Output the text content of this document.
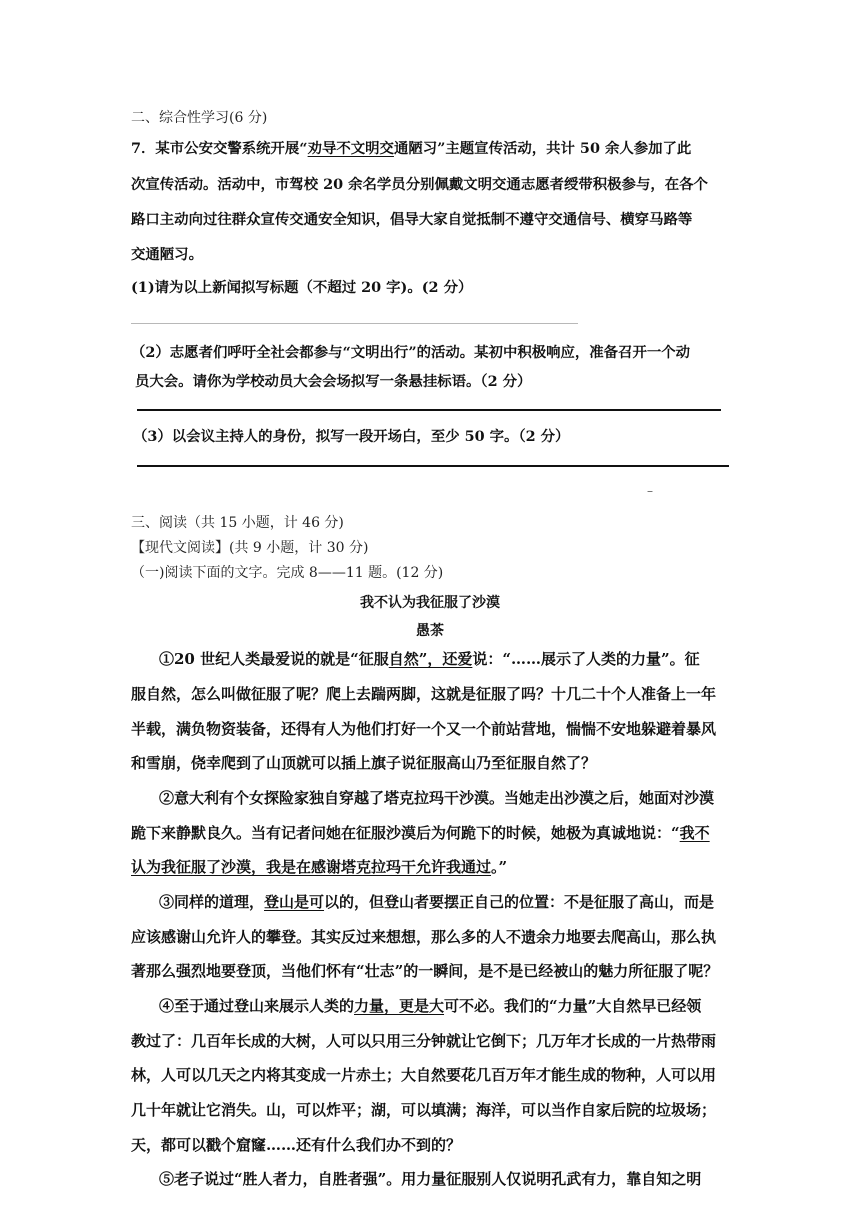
二、综合性学习(6 分)
7．某市公安交警系统开展“劝导不文明交通陋习”主题宣传活动，共计 50 余人参加了此
次宣传活动。活动中，市驾校 20 余名学员分别佩戴文明交通志愿者绶带积极参与，在各个
路口主动向过往群众宣传交通安全知识，倡导大家自觉抵制不遵守交通信号、横穿马路等
交通陋习。
(1)请为以上新闻拟写标题（不超过 20 字)。(2 分）
（2）志愿者们呼吁全社会都参与“文明出行”的活动。某初中积极响应，准备召开一个动
员大会。请你为学校动员大会会场拟写一条悬挂标语。（2 分）
（3）以会议主持人的身份，拟写一段开场白，至少 50 字。（2 分）
–
三、阅读（共 15 小题，计 46 分)
【现代文阅读】(共 9 小题，计 30 分)
（一)阅读下面的文字。完成 8——11 题。(12 分)
我不认为我征服了沙漠
愚茶
①20 世纪人类最爱说的就是“征服自然”，还爱说：“……展示了人类的力量”。征
服自然，怎么叫做征服了呢？爬上去踹两脚，这就是征服了吗？十几二十个人准备上一年
半载，满负物资装备，还得有人为他们打好一个又一个前站营地，惴惴不安地躲避着暴风
和雪崩，侥幸爬到了山顶就可以插上旗子说征服高山乃至征服自然了？
②意大利有个女探险家独自穿越了塔克拉玛干沙漠。当她走出沙漠之后，她面对沙漠
跪下来静默良久。当有记者问她在征服沙漠后为何跪下的时候，她极为真诚地说：“我不
认为我征服了沙漠，我是在感谢塔克拉玛干允许我通过。”
③同样的道理，登山是可以的，但登山者要摆正自己的位置：不是征服了高山，而是
应该感谢山允许人的攀登。其实反过来想想，那么多的人不遗余力地要去爬高山，那么执
著那么强烈地要登顶，当他们怀有“壮志”的一瞬间，是不是已经被山的魅力所征服了呢？
④至于通过登山来展示人类的力量，更是大可不必。我们的“力量”大自然早已经领
教过了：几百年长成的大树，人可以只用三分钟就让它倒下；几万年才长成的一片热带雨
林，人可以几天之内将其变成一片赤土；大自然要花几百万年才能生成的物种，人可以用
几十年就让它消失。山，可以炸平；湖，可以填满；海洋，可以当作自家后院的垃圾场；
天，都可以戳个窟窿……还有什么我们办不到的？
⑤老子说过“胜人者力，自胜者强”。用力量征服别人仅说明孔武有力，靠自知之明
